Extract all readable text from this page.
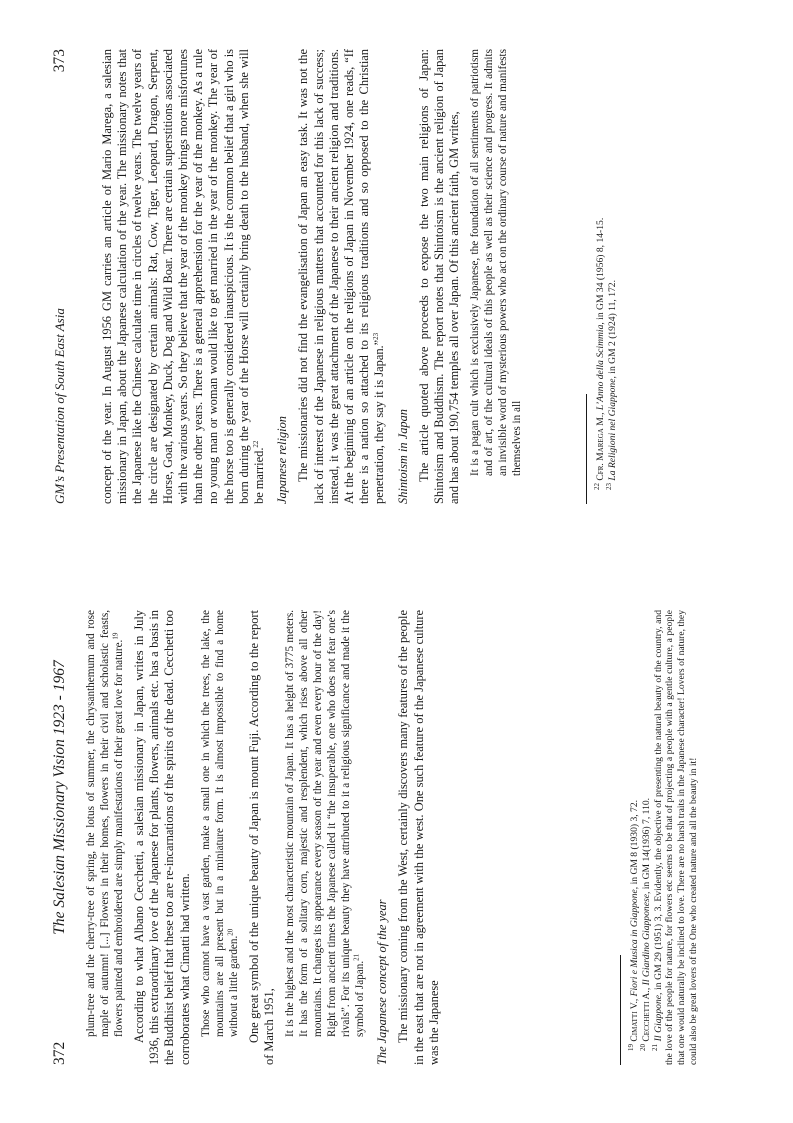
372
The Salesian Missionary Vision 1923 - 1967 plum-tree and the cherry-tree of spring, the lotus of summer, the chrysanthemum and rose maple of autumn! [...] Flowers in their homes, flowers in their civil and scholastic feasts, flowers painted and embroidered are simply manifestations of their great love for nature.$^{19}$	According to what Albano Cecchetti, a salesian missionary in Japan, writes in July 1936, this extraordinary love of the Japanese for plants, flowers, animals etc. has a basis in the Buddhist belief that these too are re-incarnations of the spirits of the dead. Cecchetti too corroborates what Cimatti had written. Those who cannot have a vast garden, make a small one in which the trees, the lake, the mountains are all present but in a miniature form. It is almost impossible to find a home without a little garden.$^{20}$	One great symbol of the unique beauty of Japan is mount Fuji. According to the report of March 1951, It is the highest and the most characteristic mountain of Japan. It has a height of 3775 meters. It has the form of a solitary corn, majestic and resplendent, which rises above all other mountains. It changes its appearance every season of the year and even every hour of the day! Right from ancient times the Japanese called it “the insuperable, one who does not fear one’s rivals”. For its unique beauty they have attributed to it a religious significance and made it the symbol of Japan.$^{21}$	The Japanese concept of the year The missionary coming from the West, certainly discovers many features of the people in the east that are not in agreement with the west. One such feature of the Japanese culture was the Japanese	$^{19}$ Cimatti V., Fiori e Musica in Giappone, in GM 8 (1930) 3, 72.

$^{20}$ Cecchetti A., Il Giardino Giapponese, in GM 14(1936) 7, 110.

$^{21}$ Il Giappone, in GM 29 (1951) 3, 3. Evidently, the objective of presenting the natural beauty of the country, and the love of the people for nature, for flowers etc seems to be that of projecting a people with a gentle culture, a people that one would naturally be inclined to love. There are no harsh traits in the Japanese character! Lovers of nature, they could also be great lovers of the One who created nature and all the beauty in it!

GM’s Presentation of South East Asia
373	concept of the year. In August 1956 GM carries an article of Mario Marega, a salesian missionary in Japan, about the Japanese calculation of the year. The missionary notes that the Japanese like the Chinese calculate time in circles of twelve years. The twelve years of the circle are designated by certain animals: Rat, Cow, Tiger, Leopard, Dragon, Serpent, Horse, Goat, Monkey, Duck, Dog and Wild Boar. There are certain superstitions associated with the various years. So they believe that the year of the monkey brings more misfortunes than the other years. There is a general apprehension for the year of the monkey. As a rule no young man or woman would like to get married in the year of the monkey. The year of the horse too is generally considered inauspicious. It is the common belief that a girl who is born during the year of the Horse will certainly bring death to the husband, when she will be married.$^{22}$	Japanese religion The missionaries did not find the evangelisation of Japan an easy task. It was not the lack of interest of the Japanese in religious matters that accounted for this lack of success; instead, it was the great attachment of the Japanese to their ancient religion and traditions. At the beginning of an article on the religions of Japan in November 1924, one reads, “If there is a nation so attached to its religious traditions and so opposed to the Christian penetration, they say it is Japan.”$^{23}$

Shintoism in Japan The article quoted above proceeds to expose the two main religions of Japan: Shintoism and Buddhism. The report notes that Shintoism is the ancient religion of Japan and has about 190,754 temples all over Japan. Of this ancient faith, GM writes, It is a pagan cult which is exclusively Japanese, the foundation of all sentiments of patriotism and of art, of the cultural ideals of this people as well as their science and progress. It admits an invisible word of mysterious powers who act on the ordinary course of nature and manifests themselves in all

$^{22}$ Cfr. Marega M., L’Anno della Scimmia, in GM 34 (1956) 8, 14-15.

$^{23}$ La Religioni nel Giappone, in GM 2 (1924) 11, 172.
